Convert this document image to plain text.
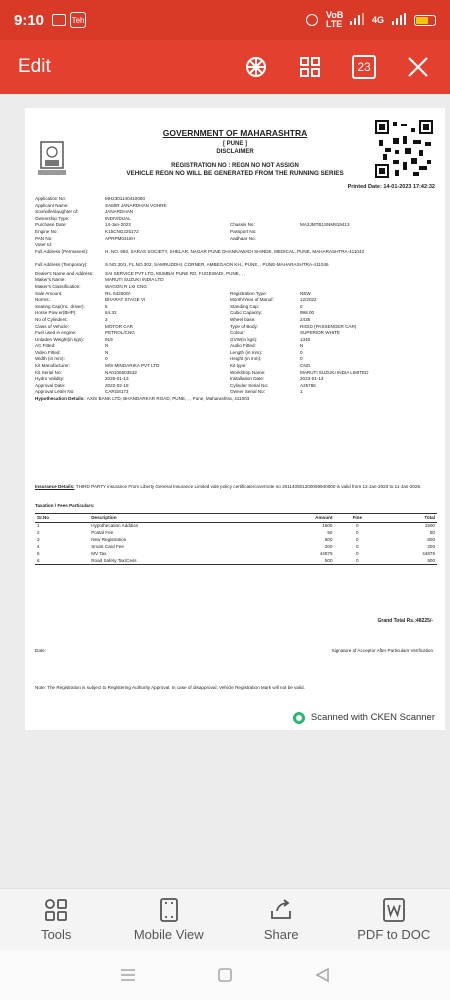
9:10	Teh	VoB LTE	4G
Edit	23
GOVERNMENT OF MAHARASHTRA
[ PUNE ]
DISCLAIMER
REGISTRATION NO : REGN NO NOT ASSIGN
VEHICLE REGN NO WILL BE GENERATED FROM THE RUNNING SERIES
Printed Date: 14-01-2023 17:42:32
Application No:	MH2301140410060
Applicant Name:	SAMIR JANARDHAN VOHRE
Son/wife/daughter of:	JANARDHAN
Ownership Type:	INDIVIDUAL
Purchase Date:	14-Jan-2023	Chassis No:	MA3JMTB1SNM819413
Engine No:	K15CNG225172	Passport No:
PAN No:	APRPM0318H	Aadhaar No:
Voter Id:
Full Address (Permanent):	H. NO. 693, SARAS SOCIETY, SHELAR, NAGAR PUNE DHANKAWADI SHINDE, MEDICAL, PUNE, MAHARASHTRA-411043
Full Address (Temporary):	S.NO.30/1, FL.NO.302, SAMRUDDHI, CORNER, AMBEGAON KH., PUNE, , PUNE-MAHARASHTRA-411046
Dealer's Name and Address:	SAI SERVICE PVT LTD, MUMBAI PUNE RD, FUGEWADI, PUNE, , ,
Maker's Name:	MARUTI SUZUKI INDIA LTD
Maker's Classification:	WAGON R LXI CNG
Sale Amount:	Rs. 642500/-	Registration Type:	NEW
Norms:	BHARAT STAGE VI	Month/Year of Manuf:	12/2022
Seating Cap(Inc. driver):	5	Standing Cap:	0
Horse Pow er(BHP):	64.32	Cubic Capacity:	998.00
No of Cylinders:	3	Wheel base:	2435
Class of Vehicle:	MOTOR CAR	Type of Body:	RIGID (PASSENGER CAR)
Fuel used in engine:	PETROL/CNG	Colour:	SUPERIOR WHITE
Unladen Weight(in kgs):	919	GVW(in kgs):	1340
AC Fitted:	N	Audio Fitted:	N
Video Fitted:	N	Length (in mm):	0
Width (in mm):	0	Height (in mm):	0
Kit Manufacturer:	M/S MINDARIKA PVT LTD	Kit type:	CNG
Kit Serial No:	NA0106603532	Workshop Name:	MARUTI SUZUKI INDIA LIMITED
Hydro Validity:	2026-01-13	Installation Date:	2023-01-14
Approval Date:	2022-02-18	Cylinder Serial No:	A25786
Approval Letter No:	CARG8173	Owner Serial No:	1
Hypothecation Details: AXIS BANK LTD, BHANDARKAR ROAD, PUNE, , , Pune, Maharashtra, 411004
Insurance Details: THIRD PARTY insurance From Liberty General Insurance Limited vide policy certificate/covernote no 201140501200059940000 is valid from 12-Jan-2023 to 11-Jan-2026.
Taxation / Fees Particulars:
Sr.No	Description	Amount	Fine	Total
1	Hypothecation Addition	1500	0	1500
2	Postal Fee	50	0	50
3	New Registration	600	0	600
4	Smart Card Fee	200	0	200
5	MV Tax	44875	0	44875
6	Road Safety Tax/Cess	500	0	500
Grand Total Rs.:48225/-
Date:	Signature of Acceptor After Particulars Verification
Note: The Registration is subject to Registering Authority Approval. In case of disapproval, Vehicle Registration Mark will not be valid.
Scanned with CKEN Scanner
Tools	Mobile View	Share	PDF to DOC
